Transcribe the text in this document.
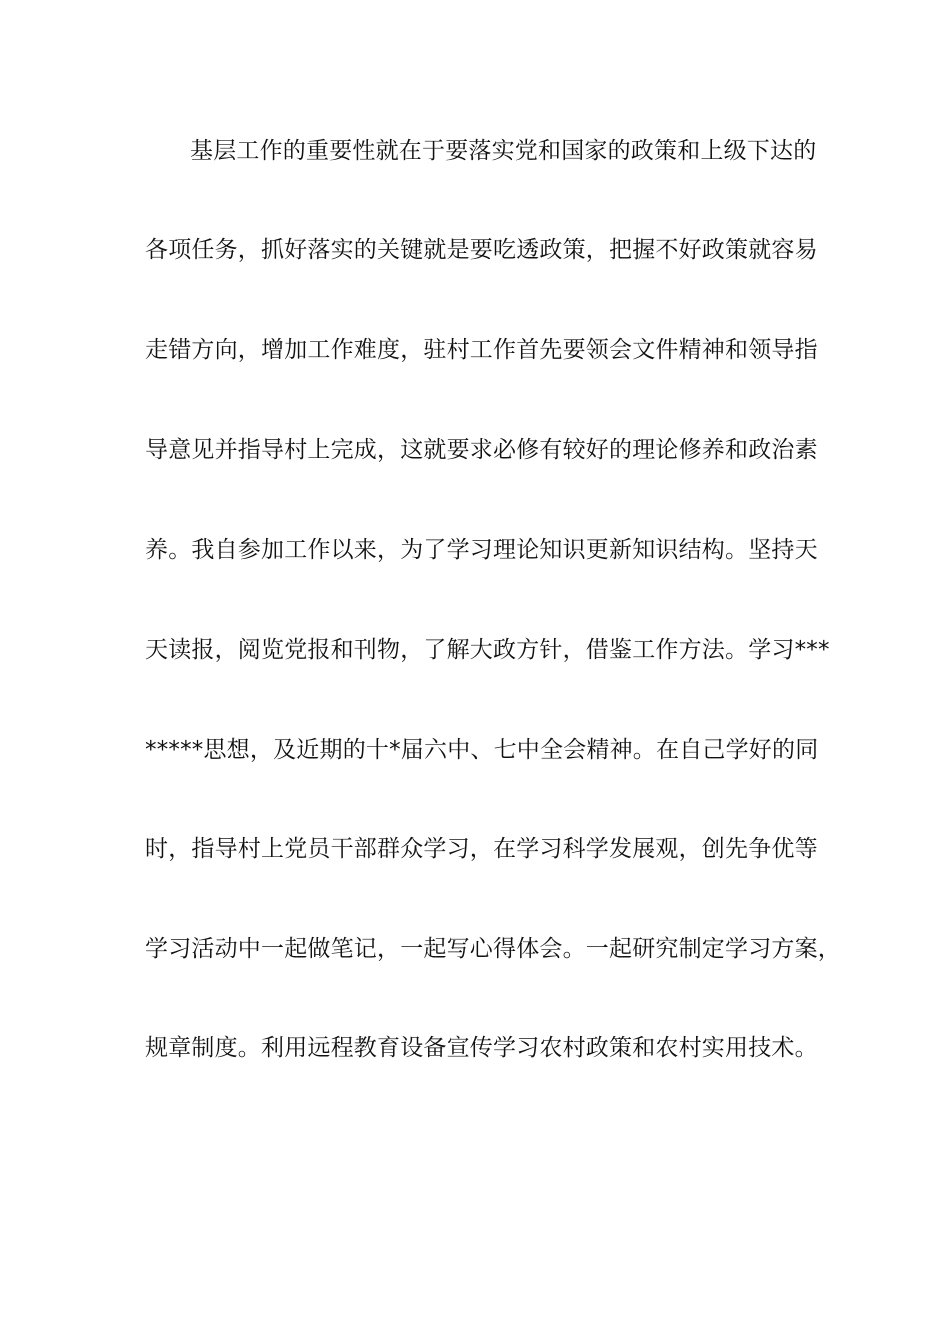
基层工作的重要性就在于要落实党和国家的政策和上级下达的
各项任务，抓好落实的关键就是要吃透政策，把握不好政策就容易
走错方向，增加工作难度，驻村工作首先要领会文件精神和领导指
导意见并指导村上完成，这就要求必修有较好的理论修养和政治素
养。我自参加工作以来，为了学习理论知识更新知识结构。坚持天
天读报，阅览党报和刊物，了解大政方针，借鉴工作方法。学习***
*****思想，及近期的十*届六中、七中全会精神。在自己学好的同
时，指导村上党员干部群众学习，在学习科学发展观，创先争优等
学习活动中一起做笔记，一起写心得体会。一起研究制定学习方案，
规章制度。利用远程教育设备宣传学习农村政策和农村实用技术。
